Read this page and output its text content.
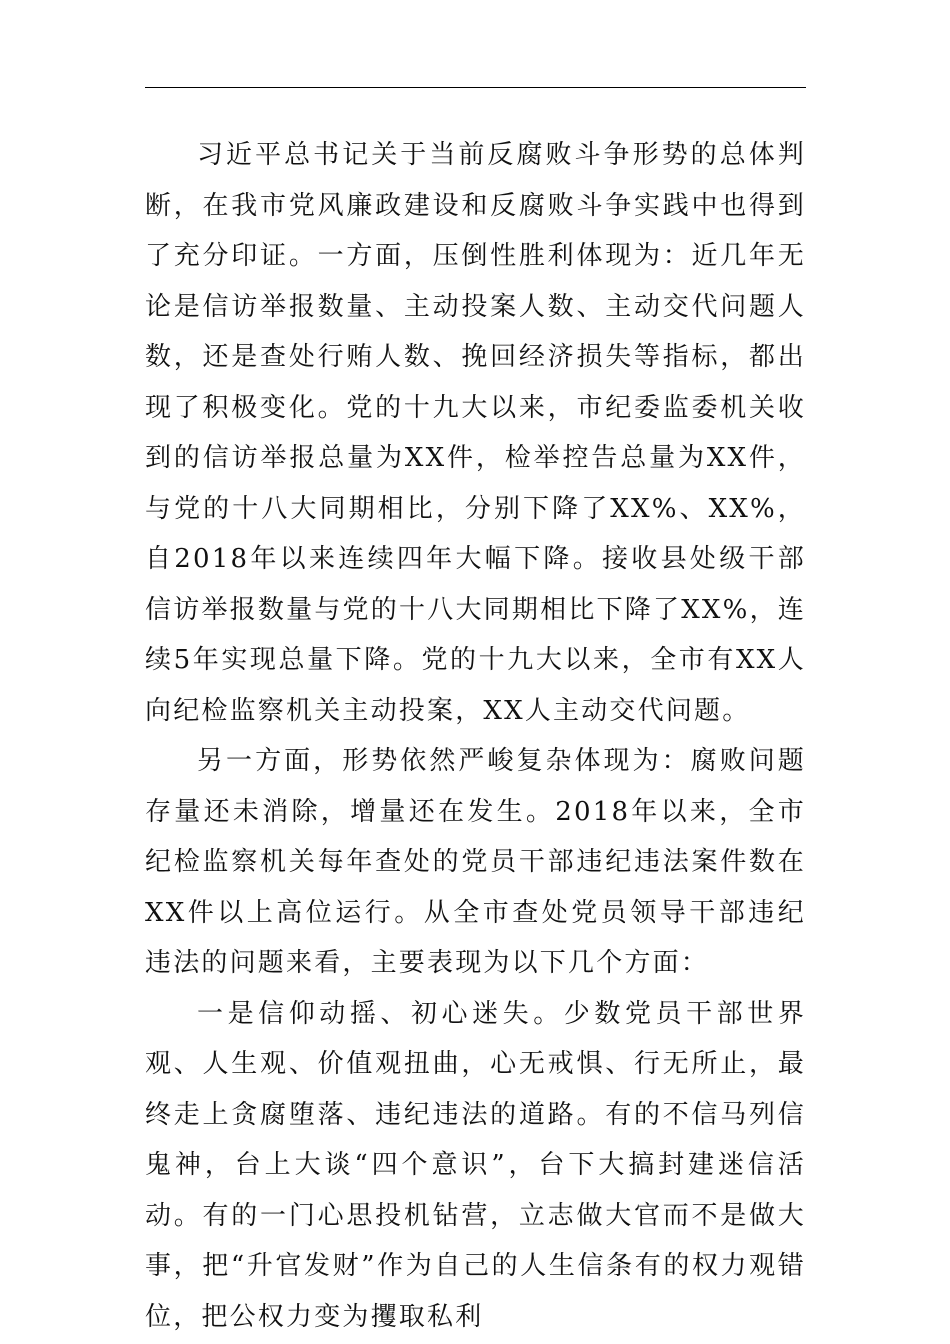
习近平总书记关于当前反腐败斗争形势的总体判断，在我市党风廉政建设和反腐败斗争实践中也得到了充分印证。一方面，压倒性胜利体现为：近几年无论是信访举报数量、主动投案人数、主动交代问题人数，还是查处行贿人数、挽回经济损失等指标，都出现了积极变化。党的十九大以来，市纪委监委机关收到的信访举报总量为XX件，检举控告总量为XX件，与党的十八大同期相比，分别下降了XX%、XX%，自2018年以来连续四年大幅下降。接收县处级干部信访举报数量与党的十八大同期相比下降了XX%，连续5年实现总量下降。党的十九大以来，全市有XX人向纪检监察机关主动投案，XX人主动交代问题。

另一方面，形势依然严峻复杂体现为：腐败问题存量还未消除，增量还在发生。2018年以来，全市纪检监察机关每年查处的党员干部违纪违法案件数在XX件以上高位运行。从全市查处党员领导干部违纪违法的问题来看，主要表现为以下几个方面：

一是信仰动摇、初心迷失。少数党员干部世界观、人生观、价值观扭曲，心无戒惧、行无所止，最终走上贪腐堕落、违纪违法的道路。有的不信马列信鬼神，台上大谈“四个意识”，台下大搞封建迷信活动。有的一门心思投机钻营，立志做大官而不是做大事，把“升官发财”作为自己的人生信条有的权力观错位，把公权力变为攫取私利
